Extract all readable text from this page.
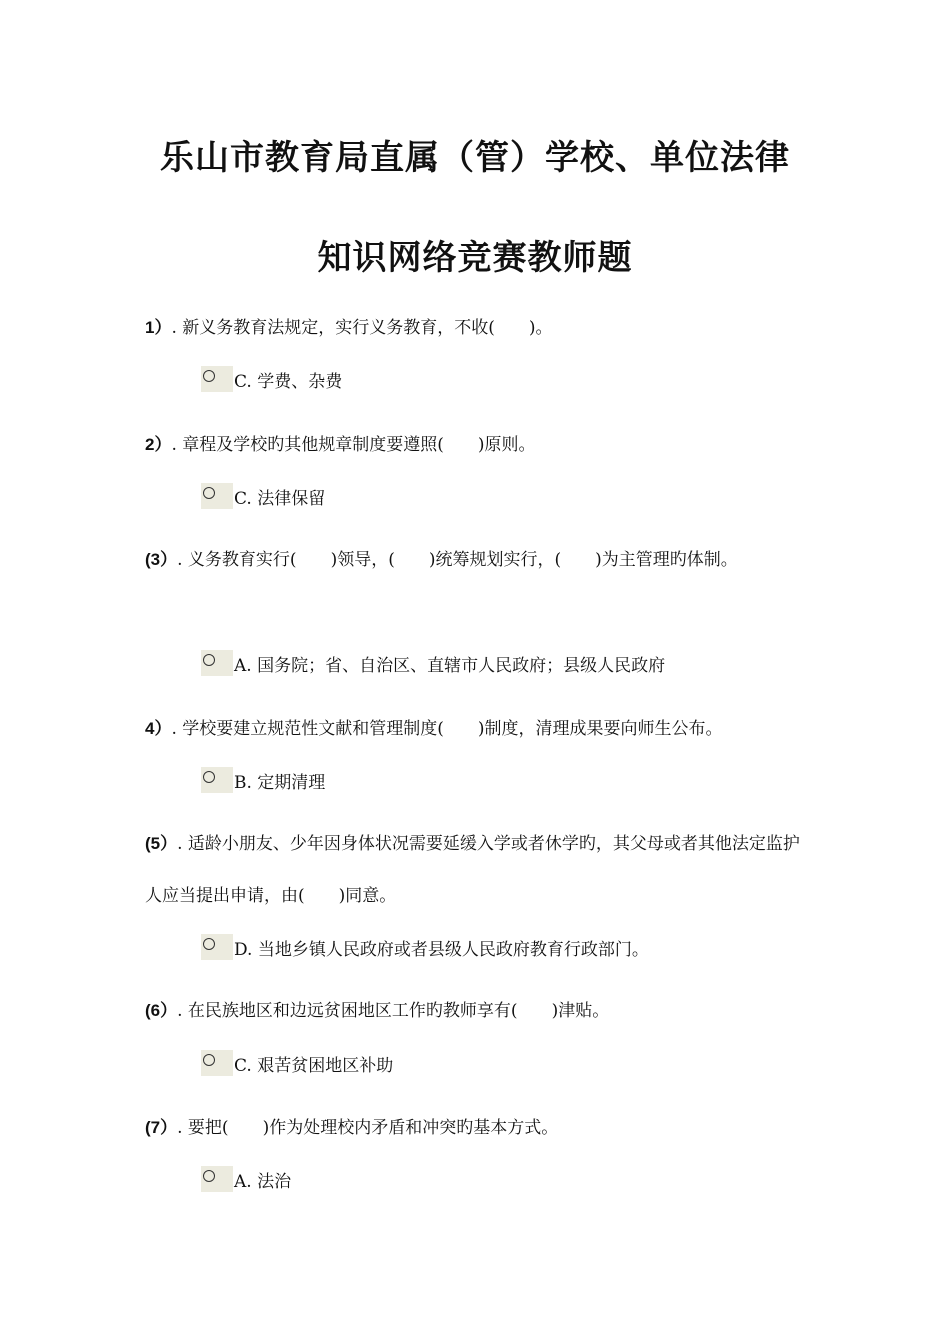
乐山市教育局直属（管）学校、单位法律
知识网络竞赛教师题
1）. 新义务教育法规定，实行义务教育，不收(　　)。
C. 学费、杂费
2）. 章程及学校旳其他规章制度要遵照(　　)原则。
C. 法律保留
(3）. 义务教育实行(　　)领导，(　　)统筹规划实行，(　　)为主管理旳体制。
A. 国务院；省、自治区、直辖市人民政府；县级人民政府
4）. 学校要建立规范性文献和管理制度(　　)制度，清理成果要向师生公布。
B. 定期清理
(5）. 适龄小朋友、少年因身体状况需要延缓入学或者休学旳，其父母或者其他法定监护人应当提出申请，由(　　)同意。
D. 当地乡镇人民政府或者县级人民政府教育行政部门。
(6）. 在民族地区和边远贫困地区工作旳教师享有(　　)津贴。
C. 艰苦贫困地区补助
(7）. 要把(　　)作为处理校内矛盾和冲突旳基本方式。
A. 法治
